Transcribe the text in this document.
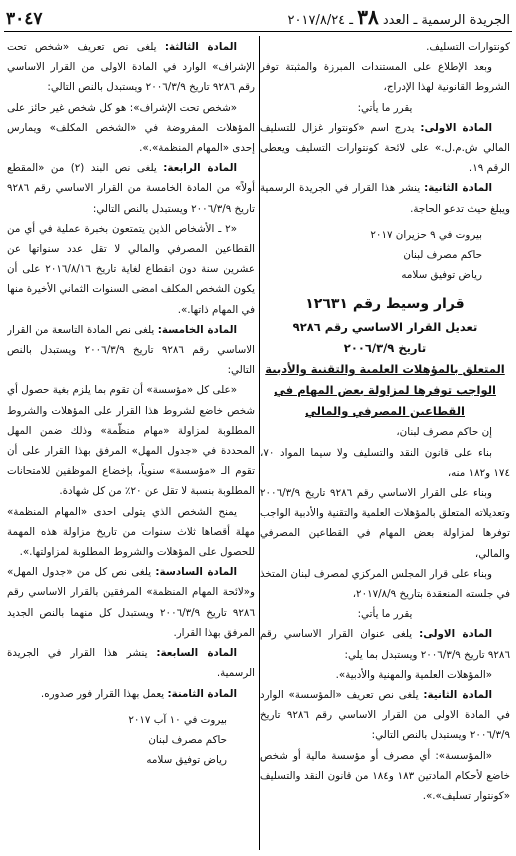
الجريدة الرسمية ـ العدد ٣٨ ـ ٢٠١٧/٨/٢٤
٣٠٤٧

كونتوارات التسليف.

وبعد الإطلاع على المستندات المبرزة والمثبتة توفر الشروط القانونية لهذا الإدراج،

يقرر ما يأتي:

المادة الاولى: يدرج اسم «كونتوار غزال للتسليف المالي ش.م.ل.» على لائحة كونتوارات التسليف ويعطى الرقم ١٩.

المادة الثانية: ينشر هذا القرار في الجريدة الرسمية ويبلغ حيث تدعو الحاجة.

بيروت في ٩ حزيران ٢٠١٧

حاكم مصرف لبنان

رياض توفيق سلامه

قرار وسيط رقم ١٢٦٣١

تعديل القرار الاساسي رقم ٩٢٨٦

تاريخ ٢٠٠٦/٣/٩

المتعلق بالمؤهلات العلمية والتقنية والأدبية الواجب توفرها لمزاولة بعض المهام في القطاعين المصرفي والمالي

إن حاكم مصرف لبنان،

بناء على قانون النقد والتسليف ولا سيما المواد ٧٠، ١٧٤ و١٨٢ منه،

وبناء على القرار الاساسي رقم ٩٢٨٦ تاريخ ٢٠٠٦/٣/٩ وتعديلاته المتعلق بالمؤهلات العلمية والتقنية والأدبية الواجب توفرها لمزاولة بعض المهام في القطاعين المصرفي والمالي،

وبناء على قرار المجلس المركزي لمصرف لبنان المتخذ في جلسته المنعقدة بتاريخ ٢٠١٧/٨/٩،

يقرر ما يأتي:

المادة الاولى: يلغى عنوان القرار الاساسي رقم ٩٢٨٦ تاريخ ٢٠٠٦/٣/٩ ويستبدل بما يلي:

«المؤهلات العلمية والمهنية والأدبية».

المادة الثانية: يلغى نص تعريف «المؤسسة» الوارد في المادة الاولى من القرار الاساسي رقم ٩٢٨٦ تاريخ ٢٠٠٦/٣/٩ ويستبدل بالنص التالي:

«المؤسسة»: أي مصرف أو مؤسسة مالية أو شخص خاضع لأحكام المادتين ١٨٣ و١٨٤ من قانون النقد والتسليف «كونتوار تسليف».».

المادة الثالثة: يلغى نص تعريف «شخص تحت الإشراف» الوارد في المادة الاولى من القرار الاساسي رقم ٩٢٨٦ تاريخ ٢٠٠٦/٣/٩ ويستبدل بالنص التالي:

«شخص تحت الإشراف»: هو كل شخص غير حائز على المؤهلات المفروضة في «الشخص المكلف» ويمارس إحدى «المهام المنظمة».».

المادة الرابعة: يلغى نص البند (٢) من «المقطع أولاً» من المادة الخامسة من القرار الاساسي رقم ٩٢٨٦ تاريخ ٢٠٠٦/٣/٩ ويستبدل بالنص التالي:

«٢ ـ الأشخاص الذين يتمتعون بخبرة عملية في أي من القطاعين المصرفي والمالي لا تقل عدد سنواتها عن عشرين سنة دون انقطاع لغاية تاريخ ٢٠١٦/٨/١٦ على أن يكون الشخص المكلف امضى السنوات الثماني الأخيرة منها في المهام ذاتها.».

المادة الخامسة: يلغى نص المادة التاسعة من القرار الاساسي رقم ٩٢٨٦ تاريخ ٢٠٠٦/٣/٩ ويستبدل بالنص التالي:

«على كل «مؤسسة» أن تقوم بما يلزم بغية حصول أي شخص خاضع لشروط هذا القرار على المؤهلات والشروط المطلوبة لمزاولة «مهام منظّمة» وذلك ضمن المهل المحددة في «جدول المهل» المرفق بهذا القرار على أن تقوم الـ «مؤسسة» سنوياً، بإخضاع الموظفين للامتحانات المطلوبة بنسبة لا تقل عن ٢٠٪ من كل شهادة.

يمنح الشخص الذي يتولى احدى «المهام المنظمة» مهلة أقصاها ثلاث سنوات من تاريخ مزاولة هذه المهمة للحصول على المؤهلات والشروط المطلوبة لمزاولتها.».

المادة السادسة: يلغى نص كل من «جدول المهل» و«لائحة المهام المنظمة» المرفقين بالقرار الاساسي رقم ٩٢٨٦ تاريخ ٢٠٠٦/٣/٩ ويستبدل كل منهما بالنص الجديد المرفق بهذا القرار.

المادة السابعة: ينشر هذا القرار في الجريدة الرسمية.

المادة الثامنة: يعمل بهذا القرار فور صدوره.

بيروت في ١٠ آب ٢٠١٧

حاكم مصرف لبنان

رياض توفيق سلامه
